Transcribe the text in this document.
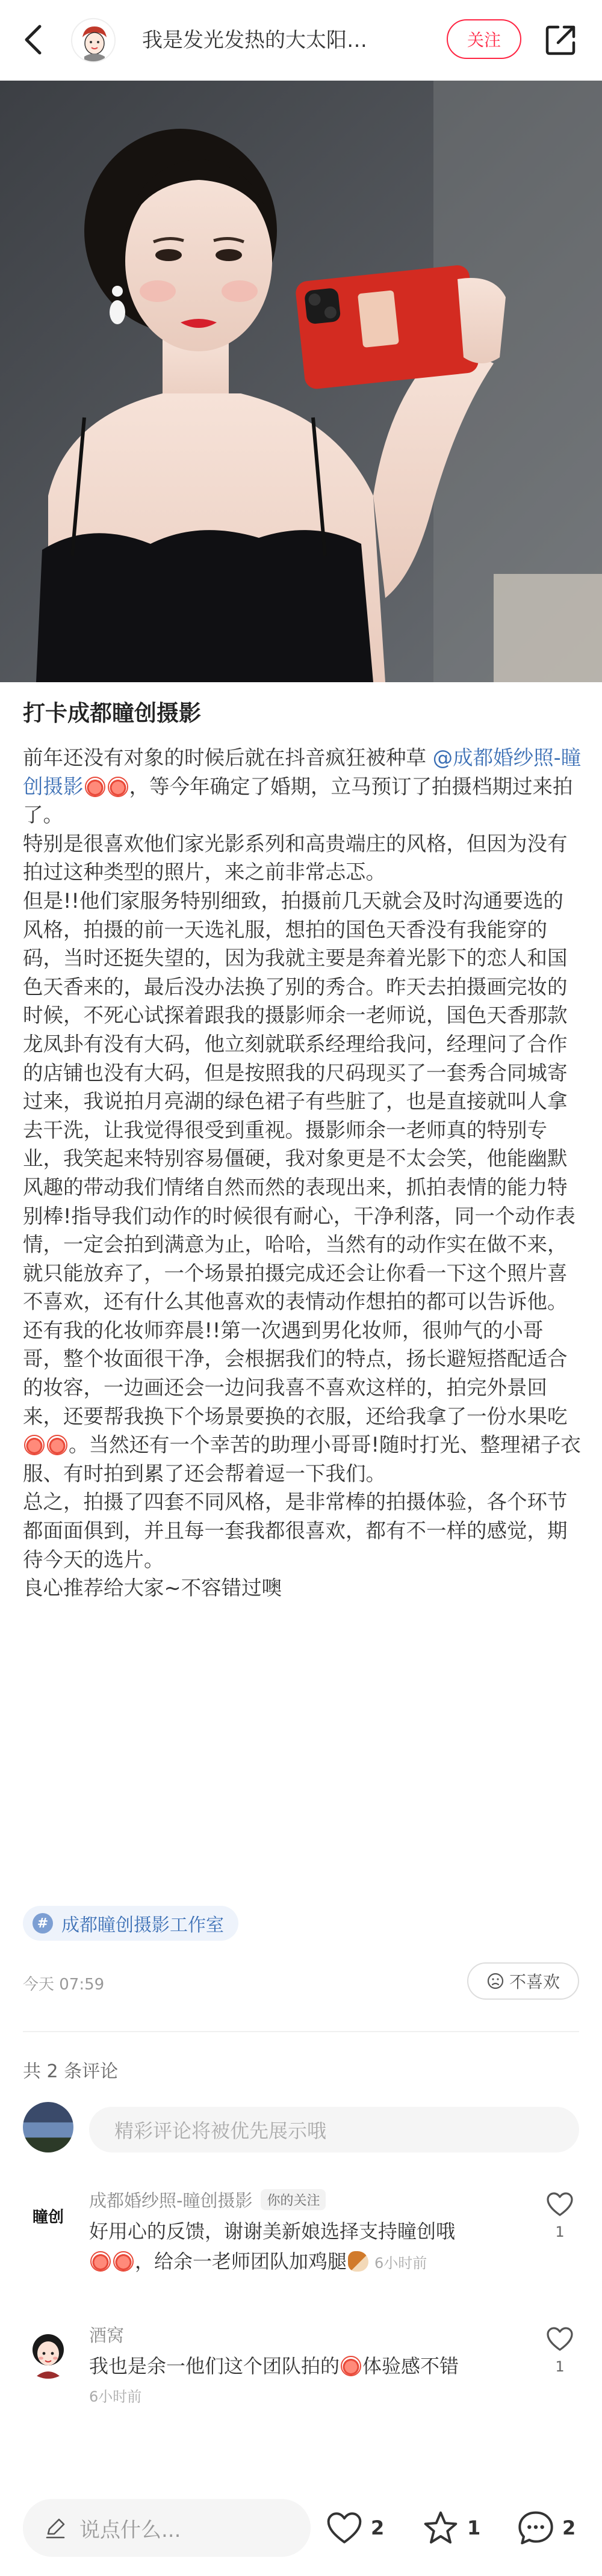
我是发光发热的大太阳…	关注
打卡成都瞳创摄影

前年还没有对象的时候后就在抖音疯狂被种草 @成都婚纱照-瞳创摄影 ，等今年确定了婚期，立马预订了拍摄档期过来拍了。

特别是很喜欢他们家光影系列和高贵端庄的风格，但因为没有拍过这种类型的照片，来之前非常忐忑。

但是!!他们家服务特别细致，拍摄前几天就会及时沟通要选的风格，拍摄的前一天选礼服，想拍的国色天香没有我能穿的码，当时还挺失望的，因为我就主要是奔着光影下的恋人和国色天香来的，最后没办法换了别的秀合。昨天去拍摄画完妆的时候，不死心试探着跟我的摄影师余一老师说，国色天香那款龙凤卦有没有大码，他立刻就联系经理给我问，经理问了合作的店铺也没有大码，但是按照我的尺码现买了一套秀合同城寄过来，我说拍月亮湖的绿色裙子有些脏了，也是直接就叫人拿去干洗，让我觉得很受到重视。摄影师余一老师真的特别专业，我笑起来特别容易僵硬，我对象更是不太会笑，他能幽默风趣的带动我们情绪自然而然的表现出来，抓拍表情的能力特别棒!指导我们动作的时候很有耐心，干净利落，同一个动作表情，一定会拍到满意为止，哈哈，当然有的动作实在做不来，就只能放弃了，一个场景拍摄完成还会让你看一下这个照片喜不喜欢，还有什么其他喜欢的表情动作想拍的都可以告诉他。还有我的化妆师弈晨!!第一次遇到男化妆师，很帅气的小哥哥，整个妆面很干净，会根据我们的特点，扬长避短搭配适合的妆容，一边画还会一边问我喜不喜欢这样的，拍完外景回来，还要帮我换下个场景要换的衣服，还给我拿了一份水果吃。当然还有一个幸苦的助理小哥哥!随时打光、整理裙子衣服、有时拍到累了还会帮着逗一下我们。

总之，拍摄了四套不同风格，是非常棒的拍摄体验，各个环节都面面俱到，并且每一套我都很喜欢，都有不一样的感觉，期待今天的选片。

良心推荐给大家~不容错过噢

# 成都瞳创摄影工作室
今天 07:59	不喜欢
共 2 条评论
精彩评论将被优先展示哦
瞳创
成都婚纱照-瞳创摄影 你的关注
好用心的反馈，谢谢美新娘选择支持瞳创哦
，给余一老师团队加鸡腿 6小时前
1
酒窝
我也是余一他们这个团队拍的 体验感不错
6小时前
1
说点什么...	2	1	2
